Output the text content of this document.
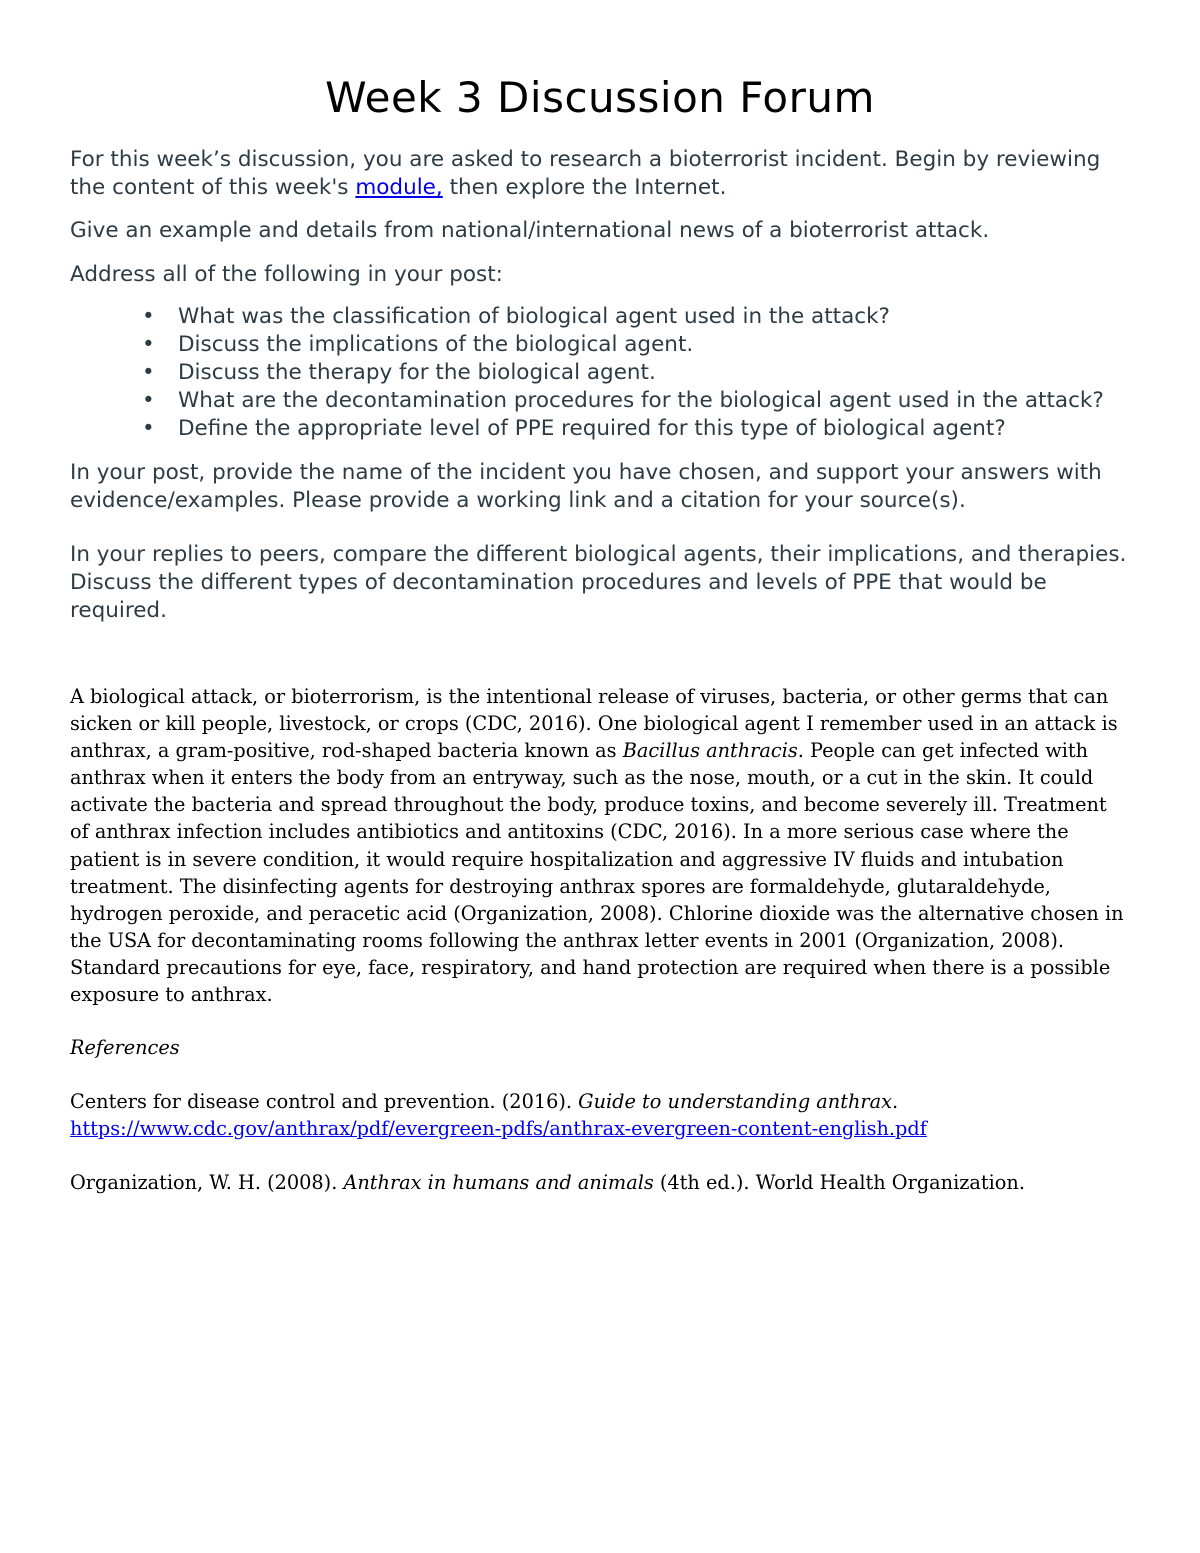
Week 3 Discussion Forum

For this week’s discussion, you are asked to research a bioterrorist incident. Begin by reviewing the content of this week's module, then explore the Internet.

Give an example and details from national/international news of a bioterrorist attack.

Address all of the following in your post:

• What was the classification of biological agent used in the attack?
• Discuss the implications of the biological agent.
• Discuss the therapy for the biological agent.
• What are the decontamination procedures for the biological agent used in the attack?
• Define the appropriate level of PPE required for this type of biological agent?

In your post, provide the name of the incident you have chosen, and support your answers with evidence/examples. Please provide a working link and a citation for your source(s).

In your replies to peers, compare the different biological agents, their implications, and therapies. Discuss the different types of decontamination procedures and levels of PPE that would be required.

A biological attack, or bioterrorism, is the intentional release of viruses, bacteria, or other germs that can sicken or kill people, livestock, or crops (CDC, 2016). One biological agent I remember used in an attack is anthrax, a gram-positive, rod-shaped bacteria known as Bacillus anthracis. People can get infected with anthrax when it enters the body from an entryway, such as the nose, mouth, or a cut in the skin. It could activate the bacteria and spread throughout the body, produce toxins, and become severely ill. Treatment of anthrax infection includes antibiotics and antitoxins (CDC, 2016). In a more serious case where the patient is in severe condition, it would require hospitalization and aggressive IV fluids and intubation treatment. The disinfecting agents for destroying anthrax spores are formaldehyde, glutaraldehyde, hydrogen peroxide, and peracetic acid (Organization, 2008). Chlorine dioxide was the alternative chosen in the USA for decontaminating rooms following the anthrax letter events in 2001 (Organization, 2008). Standard precautions for eye, face, respiratory, and hand protection are required when there is a possible exposure to anthrax.

References

Centers for disease control and prevention. (2016). Guide to understanding anthrax. https://www.cdc.gov/anthrax/pdf/evergreen-pdfs/anthrax-evergreen-content-english.pdf

Organization, W. H. (2008). Anthrax in humans and animals (4th ed.). World Health Organization.
